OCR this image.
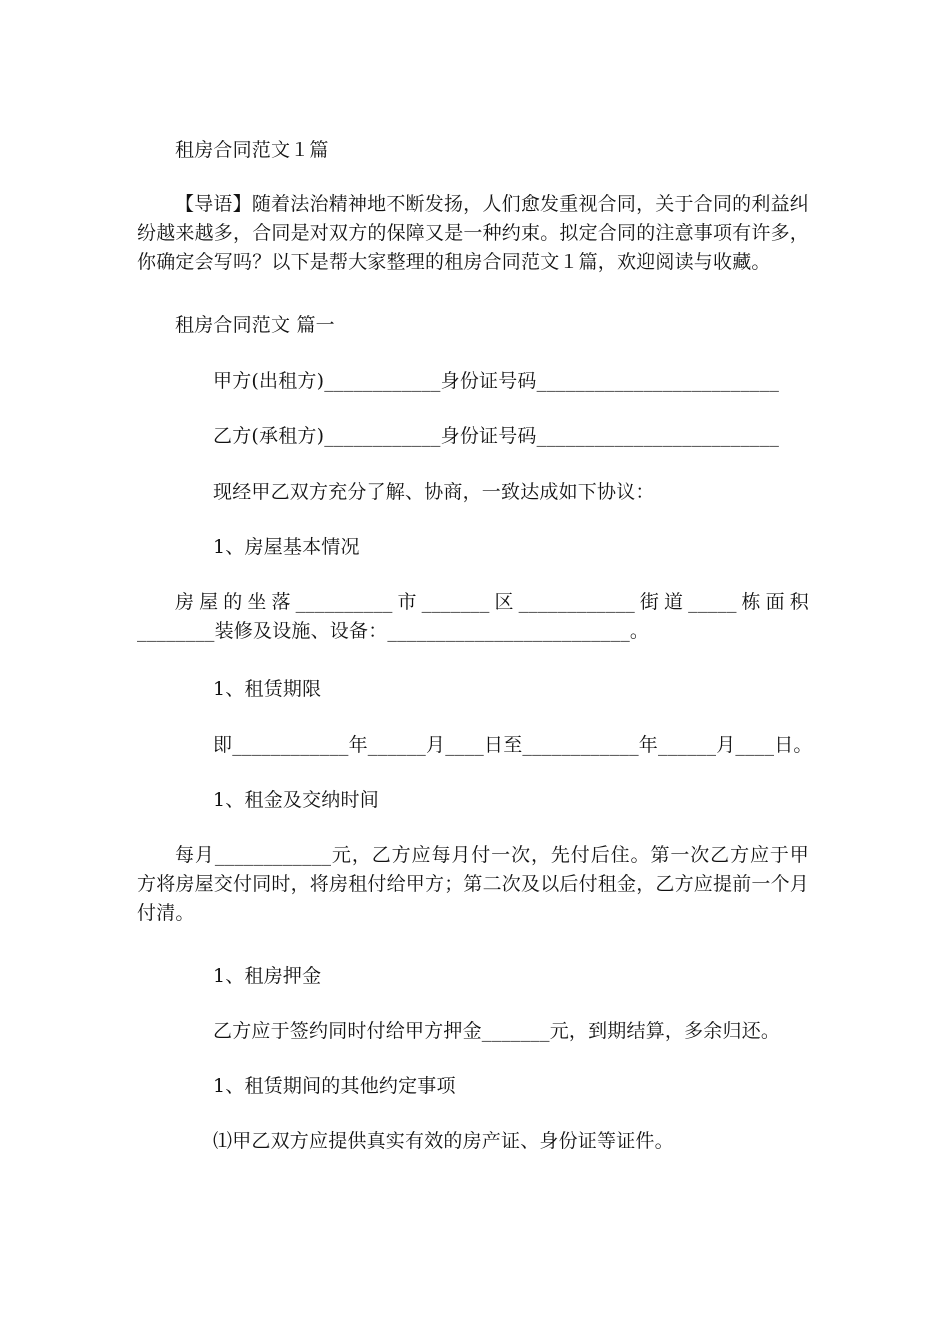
租房合同范文１篇
【导语】随着法治精神地不断发扬，人们愈发重视合同，关于合同的利益纠纷越来越多，合同是对双方的保障又是一种约束。拟定合同的注意事项有许多，你确定会写吗？以下是帮大家整理的租房合同范文１篇，欢迎阅读与收藏。
租房合同范文 篇一
甲方(出租方)____________身份证号码_________________________
乙方(承租方)____________身份证号码_________________________
现经甲乙双方充分了解、协商，一致达成如下协议：
1、房屋基本情况
房屋的坐落__________市_______区____________街道_____栋面积________装修及设施、设备：_________________________。
1、租赁期限
即____________年______月____日至____________年______月____日。
1、租金及交纳时间
每月____________元，乙方应每月付一次，先付后住。第一次乙方应于甲方将房屋交付同时，将房租付给甲方；第二次及以后付租金，乙方应提前一个月付清。
1、租房押金
乙方应于签约同时付给甲方押金_______元，到期结算，多余归还。
1、租赁期间的其他约定事项
⑴甲乙双方应提供真实有效的房产证、身份证等证件。
